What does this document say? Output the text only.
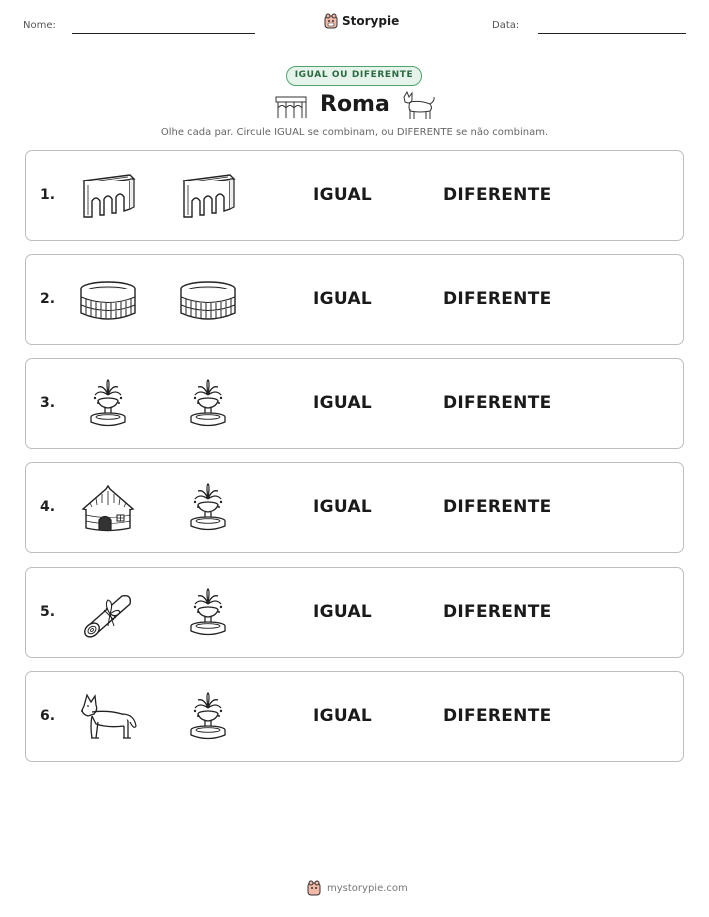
Nome:	Storypie	Data:
IGUAL OU DIFERENTE
Roma
Olhe cada par. Circule IGUAL se combinam, ou DIFERENTE se não combinam.
1.	IGUAL	DIFERENTE
2.	IGUAL	DIFERENTE
3.	IGUAL	DIFERENTE
4.	IGUAL	DIFERENTE
5.	IGUAL	DIFERENTE
6.	IGUAL	DIFERENTE
mystorypie.com
